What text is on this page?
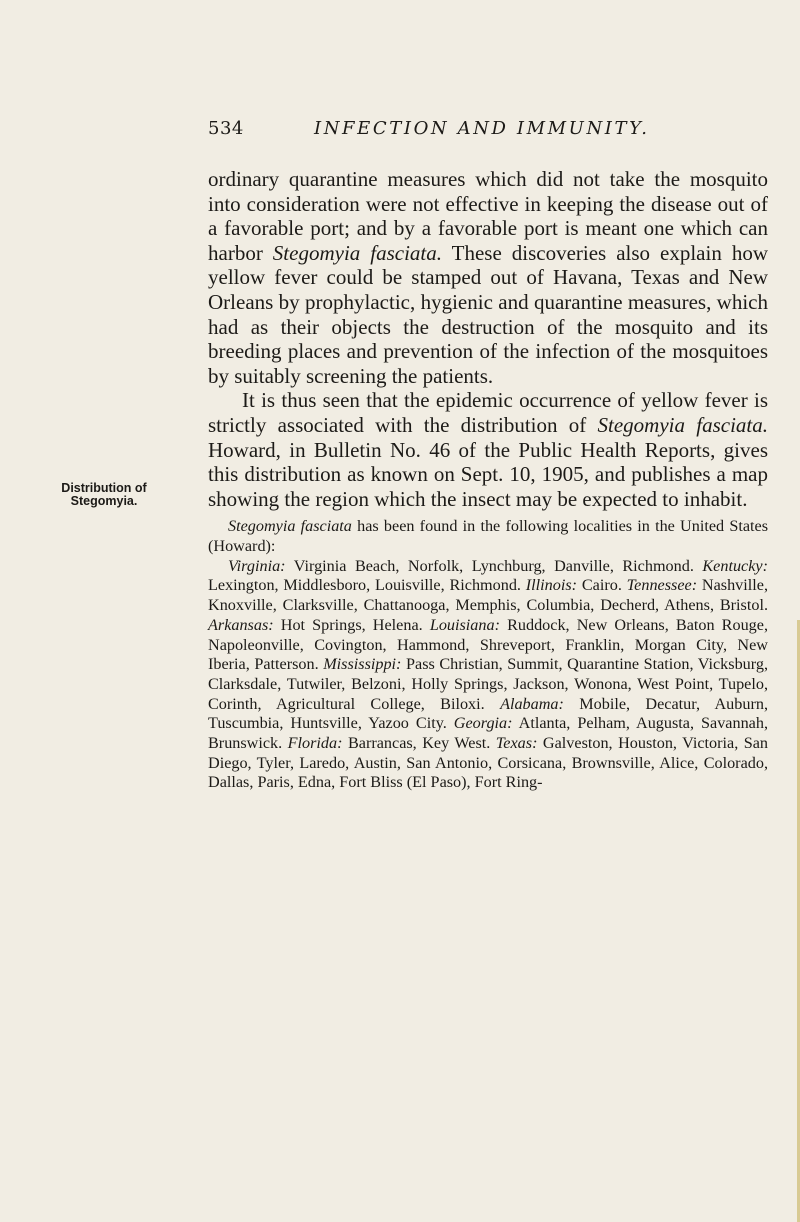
534	INFECTION AND IMMUNITY.

ordinary quarantine measures which did not take the mosquito into consideration were not effective in keeping the disease out of a favorable port; and by a favorable port is meant one which can harbor Stegomyia fasciata. These discoveries also explain how yellow fever could be stamped out of Havana, Texas and New Orleans by prophylactic, hygienic and quarantine measures, which had as their objects the destruction of the mosquito and its breeding places and prevention of the infection of the mosquitoes by suitably screening the patients.

It is thus seen that the epidemic occurrence of yellow fever is strictly associated with the distribution of Stegomyia fasciata. Howard, in Bulletin No. 46 of the Public Health Reports, gives this distribution as known on Sept. 10, 1905, and publishes a map showing the region which the insect may be expected to inhabit.

Stegomyia fasciata has been found in the following localities in the United States (Howard):

Virginia: Virginia Beach, Norfolk, Lynchburg, Danville, Richmond. Kentucky: Lexington, Middlesboro, Louisville, Richmond. Illinois: Cairo. Tennessee: Nashville, Knoxville, Clarksville, Chattanooga, Memphis, Columbia, Decherd, Athens, Bristol. Arkansas: Hot Springs, Helena. Louisiana: Ruddock, New Orleans, Baton Rouge, Napoleonville, Covington, Hammond, Shreveport, Franklin, Morgan City, New Iberia, Patterson. Mississippi: Pass Christian, Summit, Quarantine Station, Vicksburg, Clarksdale, Tutwiler, Belzoni, Holly Springs, Jackson, Wonona, West Point, Tupelo, Corinth, Agricultural College, Biloxi. Alabama: Mobile, Decatur, Auburn, Tuscumbia, Huntsville, Yazoo City. Georgia: Atlanta, Pelham, Augusta, Savannah, Brunswick. Florida: Barrancas, Key West. Texas: Galveston, Houston, Victoria, San Diego, Tyler, Laredo, Austin, San Antonio, Corsicana, Brownsville, Alice, Colorado, Dallas, Paris, Edna, Fort Bliss (El Paso), Fort Ring-

Distribution of
Stegomyia.
